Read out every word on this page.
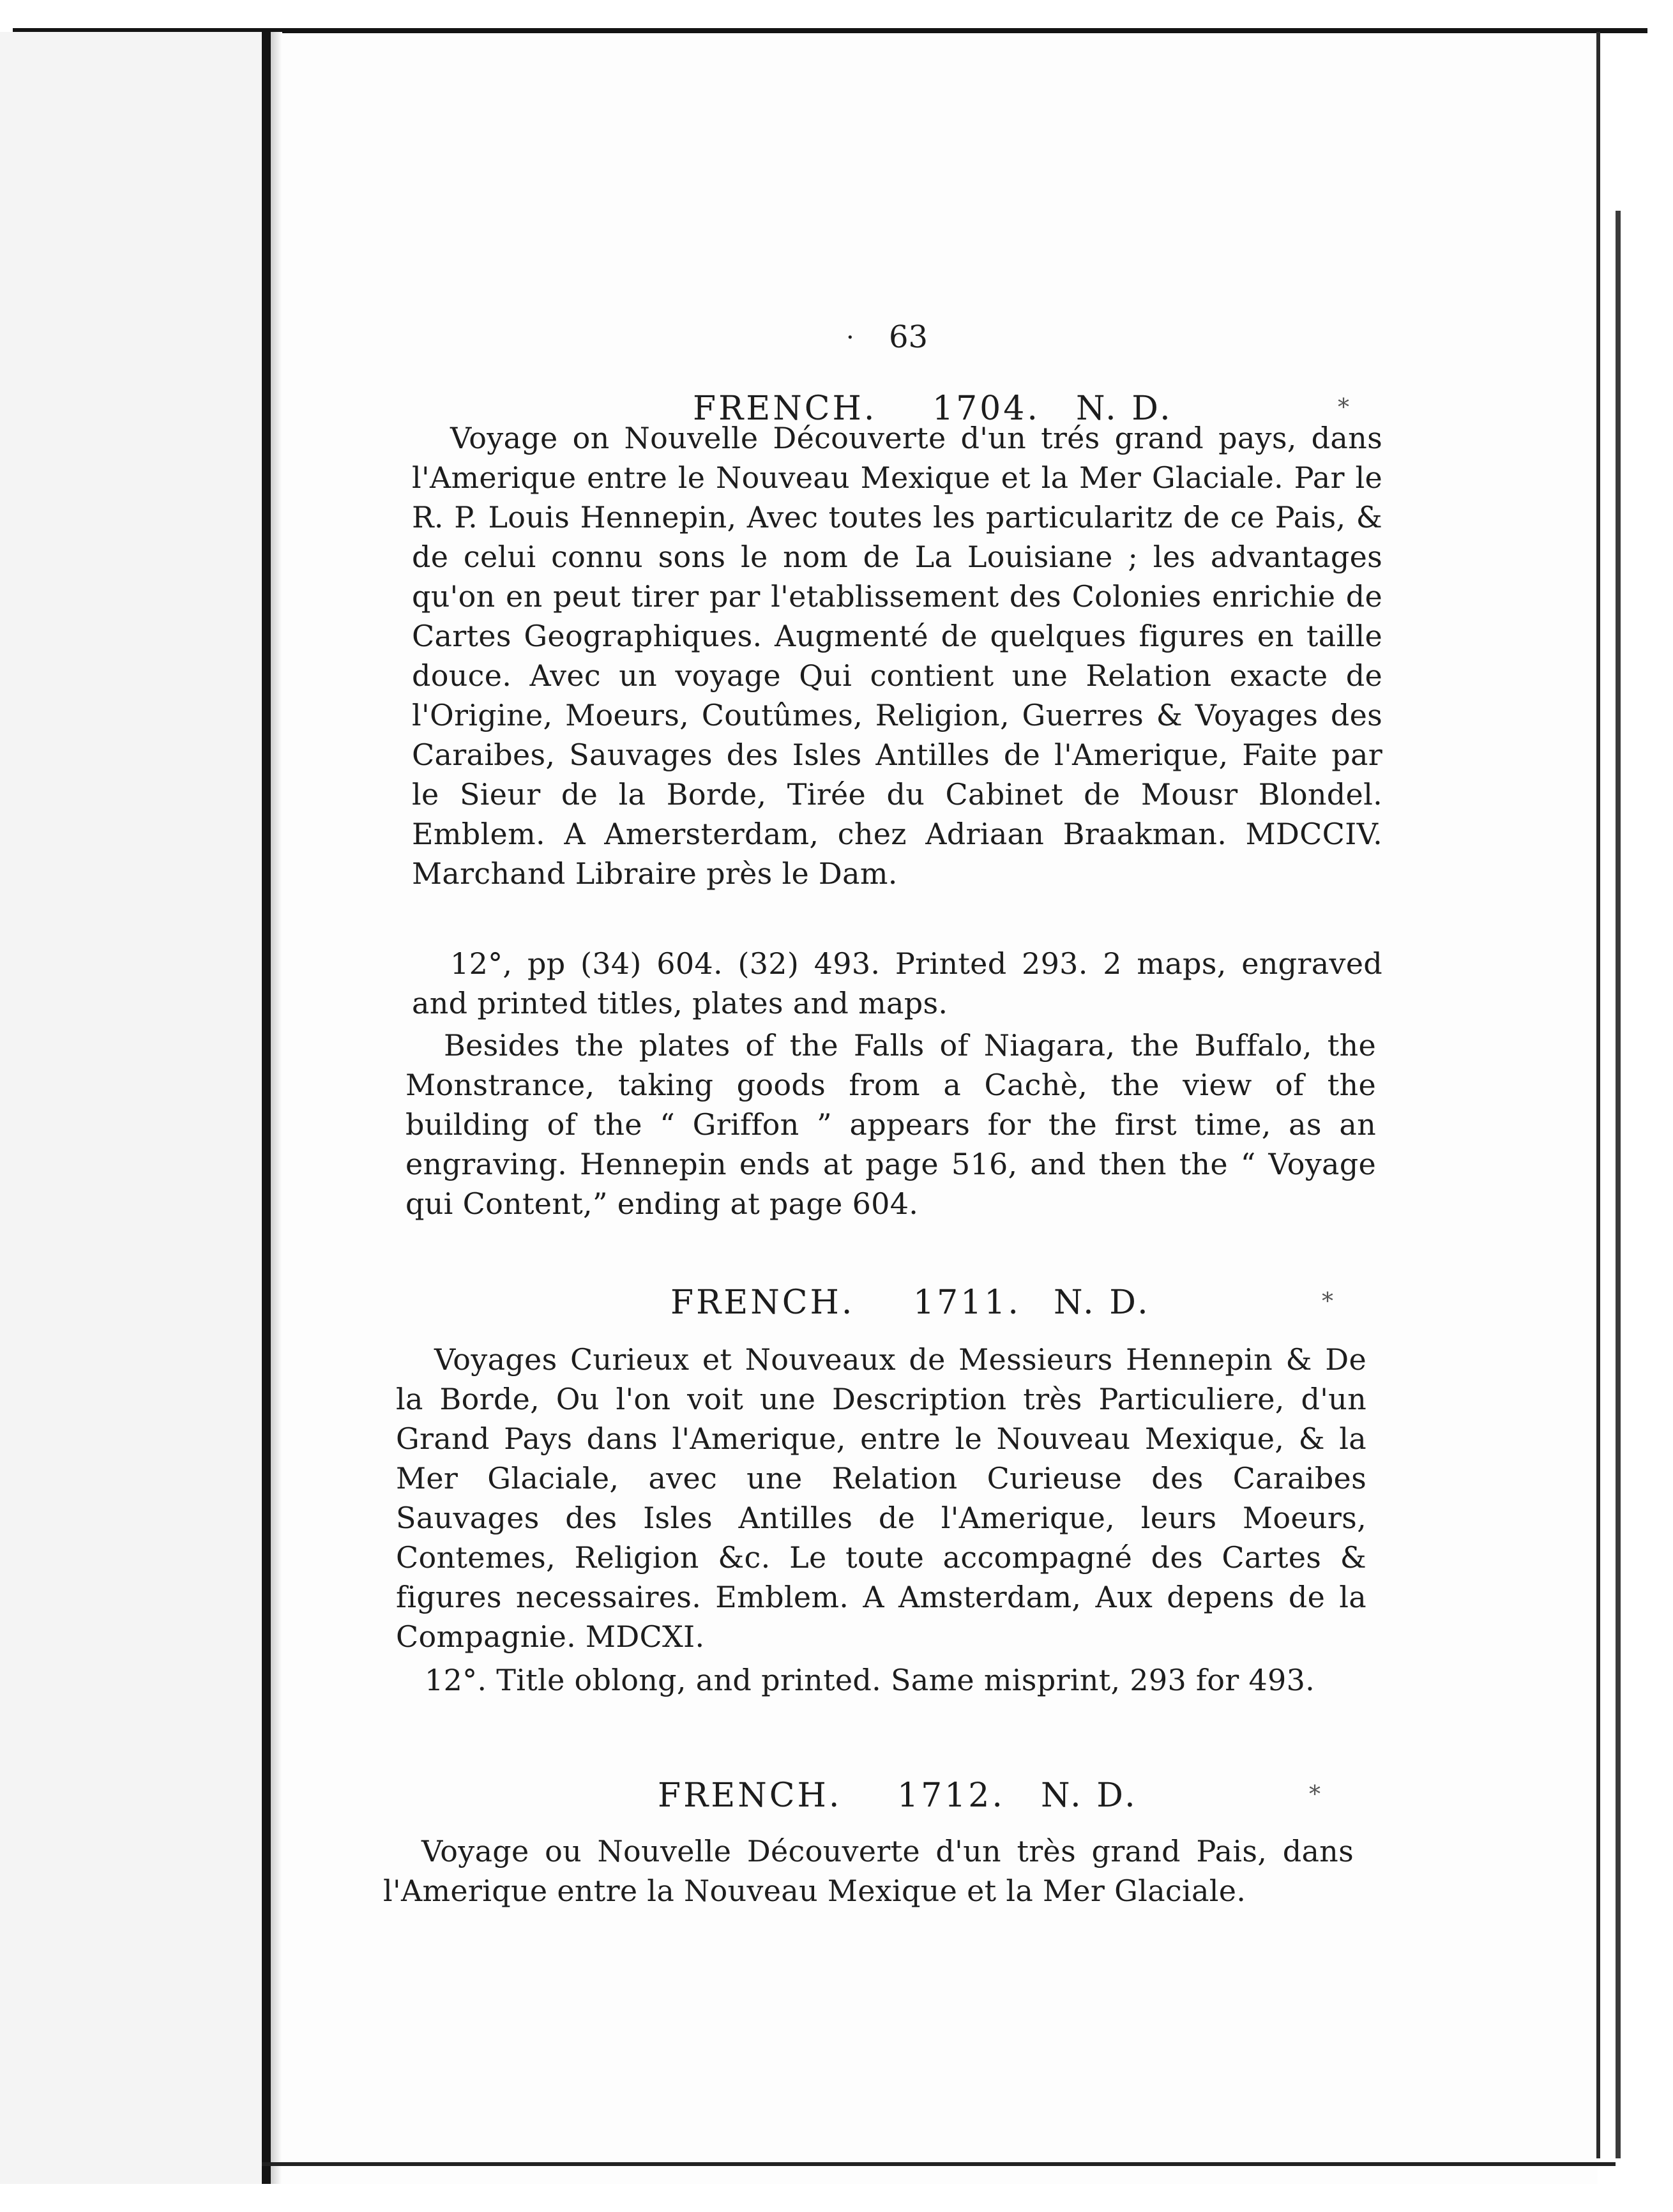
· 63
FRENCH. 1704. N. D.	*

Voyage on Nouvelle Découverte d'un trés grand pays, dans l'Amerique entre le Nouveau Mexique et la Mer Glaciale. Par le R. P. Louis Hennepin, Avec toutes les particularitz de ce Pais, & de celui connu sons le nom de La Louisiane ; les advantages qu'on en peut tirer par l'etablissement des Colonies enrichie de Cartes Geographiques. Augmenté de quelques figures en taille douce. Avec un voyage Qui contient une Relation exacte de l'Origine, Moeurs, Coutûmes, Religion, Guerres & Voyages des Caraibes, Sauvages des Isles Antilles de l'Amerique, Faite par le Sieur de la Borde, Tirée du Cabinet de Mousr Blondel. Emblem. A Amersterdam, chez Adriaan Braakman. MDCCIV. Marchand Libraire près le Dam.

12°, pp (34) 604. (32) 493. Printed 293. 2 maps, engraved and printed titles, plates and maps.

Besides the plates of the Falls of Niagara, the Buffalo, the Monstrance, taking goods from a Cachè, the view of the building of the “ Griffon ” appears for the first time, as an engraving. Hennepin ends at page 516, and then the “ Voyage qui Content,” ending at page 604.

FRENCH. 1711. N. D.	*

Voyages Curieux et Nouveaux de Messieurs Hennepin & De la Borde, Ou l'on voit une Description très Particuliere, d'un Grand Pays dans l'Amerique, entre le Nouveau Mexique, & la Mer Glaciale, avec une Relation Curieuse des Caraibes Sauvages des Isles Antilles de l'Amerique, leurs Moeurs, Contemes, Religion &c. Le toute accompagné des Cartes & figures necessaires. Emblem. A Amsterdam, Aux depens de la Compagnie. MDCXI.

12°. Title oblong, and printed. Same misprint, 293 for 493.

FRENCH. 1712. N. D.	*

Voyage ou Nouvelle Découverte d'un très grand Pais, dans l'Amerique entre la Nouveau Mexique et la Mer Glaciale.
